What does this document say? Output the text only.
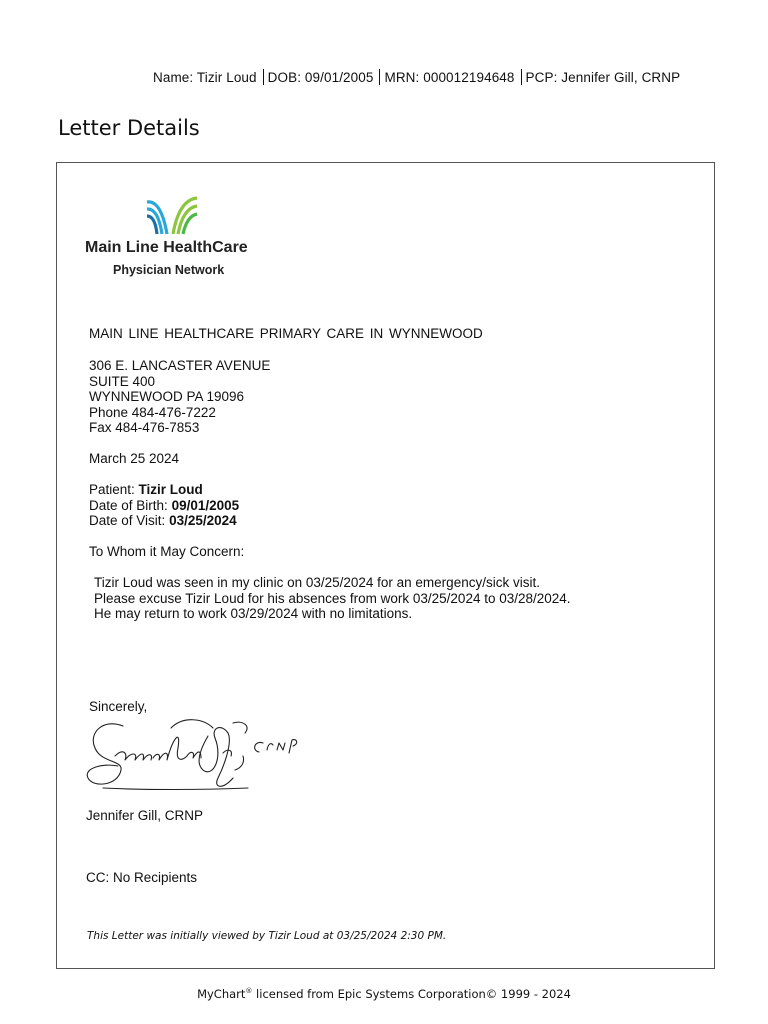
Name: Tizir Loud DOB: 09/01/2005 MRN: 000012194648 PCP: Jennifer Gill, CRNP
Letter Details
Main Line HealthCare
Physician Network
MAIN LINE HEALTHCARE PRIMARY CARE IN WYNNEWOOD
306 E. LANCASTER AVENUE
SUITE 400
WYNNEWOOD PA 19096
Phone 484-476-7222
Fax 484-476-7853
March 25 2024
Patient: Tizir Loud
Date of Birth: 09/01/2005
Date of Visit: 03/25/2024
To Whom it May Concern:
Tizir Loud was seen in my clinic on 03/25/2024 for an emergency/sick visit.
Please excuse Tizir Loud for his absences from work 03/25/2024 to 03/28/2024.
He may return to work 03/29/2024 with no limitations.
Sincerely,
Jennifer Gill, CRNP
CC: No Recipients
This Letter was initially viewed by Tizir Loud at 03/25/2024 2:30 PM.
MyChart® licensed from Epic Systems Corporation© 1999 - 2024
